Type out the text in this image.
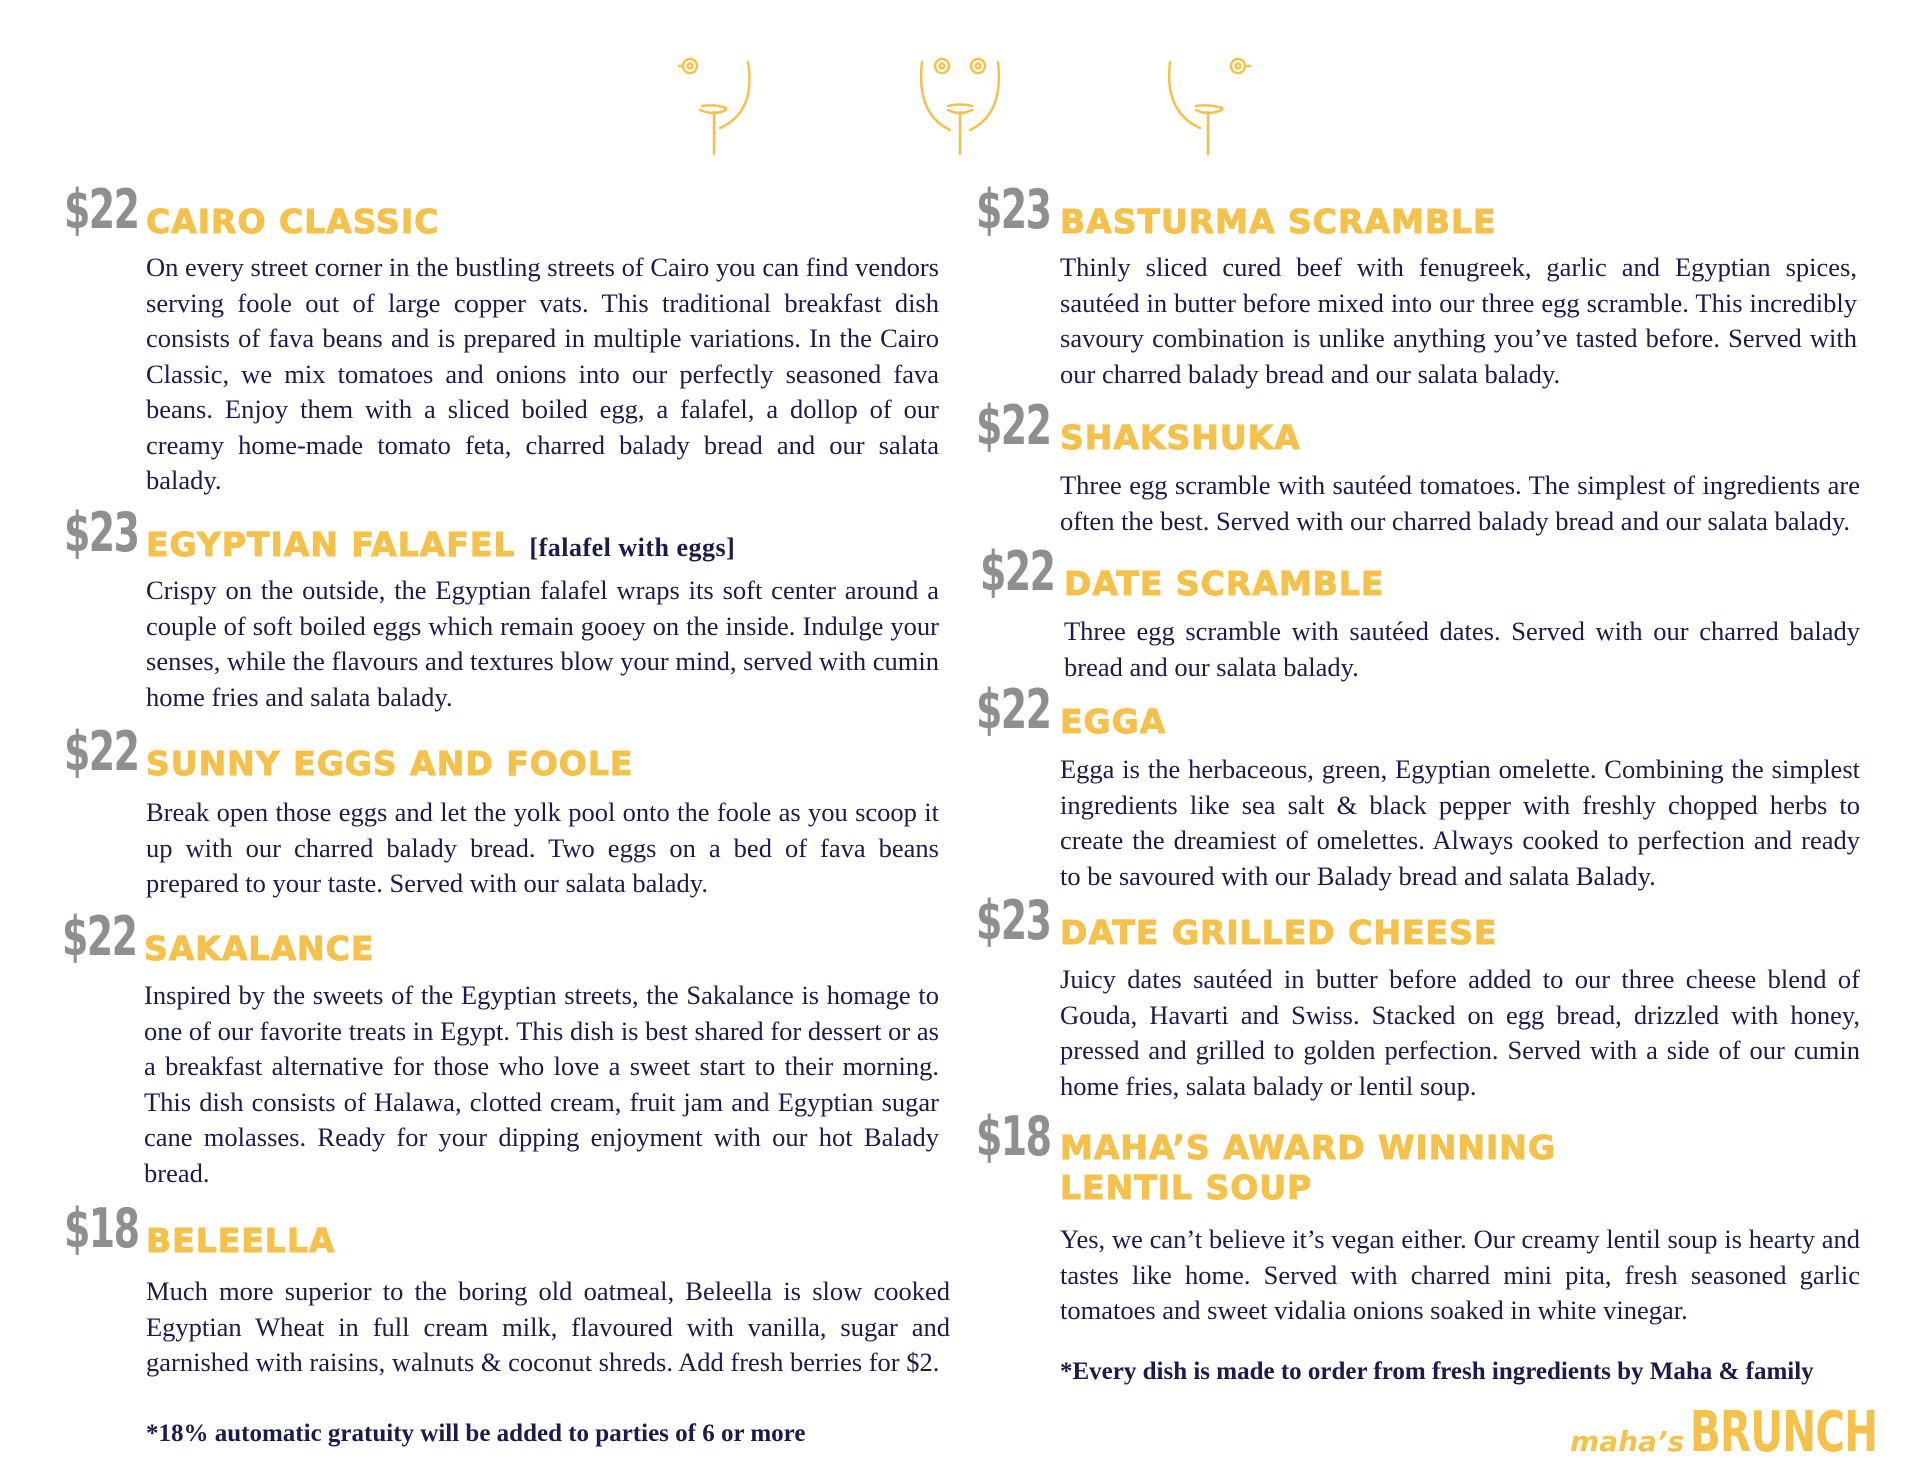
$22 CAIRO CLASSIC

On every street corner in the bustling streets of Cairo you can find vendors serving foole out of large copper vats. This traditional breakfast dish consists of fava beans and is prepared in multiple variations. In the Cairo Classic, we mix tomatoes and onions into our perfectly seasoned fava beans. Enjoy them with a sliced boiled egg, a falafel, a dollop of our creamy home-made tomato feta, charred balady bread and our salata balady.

$23 EGYPTIAN FALAFEL [falafel with eggs]

Crispy on the outside, the Egyptian falafel wraps its soft center around a couple of soft boiled eggs which remain gooey on the inside. Indulge your senses, while the flavours and textures blow your mind, served with cumin home fries and salata balady.

$22 SUNNY EGGS AND FOOLE

Break open those eggs and let the yolk pool onto the foole as you scoop it up with our charred balady bread. Two eggs on a bed of fava beans prepared to your taste. Served with our salata balady.

$22 SAKALANCE

Inspired by the sweets of the Egyptian streets, the Sakalance is homage to one of our favorite treats in Egypt. This dish is best shared for dessert or as a breakfast alternative for those who love a sweet start to their morning. This dish consists of Halawa, clotted cream, fruit jam and Egyptian sugar cane molasses. Ready for your dipping enjoyment with our hot Balady bread.

$18 BELEELLA

Much more superior to the boring old oatmeal, Beleella is slow cooked Egyptian Wheat in full cream milk, flavoured with vanilla, sugar and garnished with raisins, walnuts & coconut shreds. Add fresh berries for $2.

*18% automatic gratuity will be added to parties of 6 or more
$23 BASTURMA SCRAMBLE

Thinly sliced cured beef with fenugreek, garlic and Egyptian spices, sautéed in butter before mixed into our three egg scramble. This incredibly savoury combination is unlike anything you’ve tasted before. Served with our charred balady bread and our salata balady.

$22 SHAKSHUKA

Three egg scramble with sautéed tomatoes. The simplest of ingredients are often the best. Served with our charred balady bread and our salata balady.

$22 DATE SCRAMBLE

Three egg scramble with sautéed dates. Served with our charred balady bread and our salata balady.

$22 EGGA

Egga is the herbaceous, green, Egyptian omelette. Combining the simplest ingredients like sea salt & black pepper with freshly chopped herbs to create the dreamiest of omelettes. Always cooked to perfection and ready to be savoured with our Balady bread and salata Balady.

$23 DATE GRILLED CHEESE

Juicy dates sautéed in butter before added to our three cheese blend of Gouda, Havarti and Swiss. Stacked on egg bread, drizzled with honey, pressed and grilled to golden perfection. Served with a side of our cumin home fries, salata balady or lentil soup.

$18 MAHA’S AWARD WINNING
LENTIL SOUP

Yes, we can’t believe it’s vegan either. Our creamy lentil soup is hearty and tastes like home. Served with charred mini pita, fresh seasoned garlic tomatoes and sweet vidalia onions soaked in white vinegar.

*Every dish is made to order from fresh ingredients by Maha & family
maha’s BRUNCH
